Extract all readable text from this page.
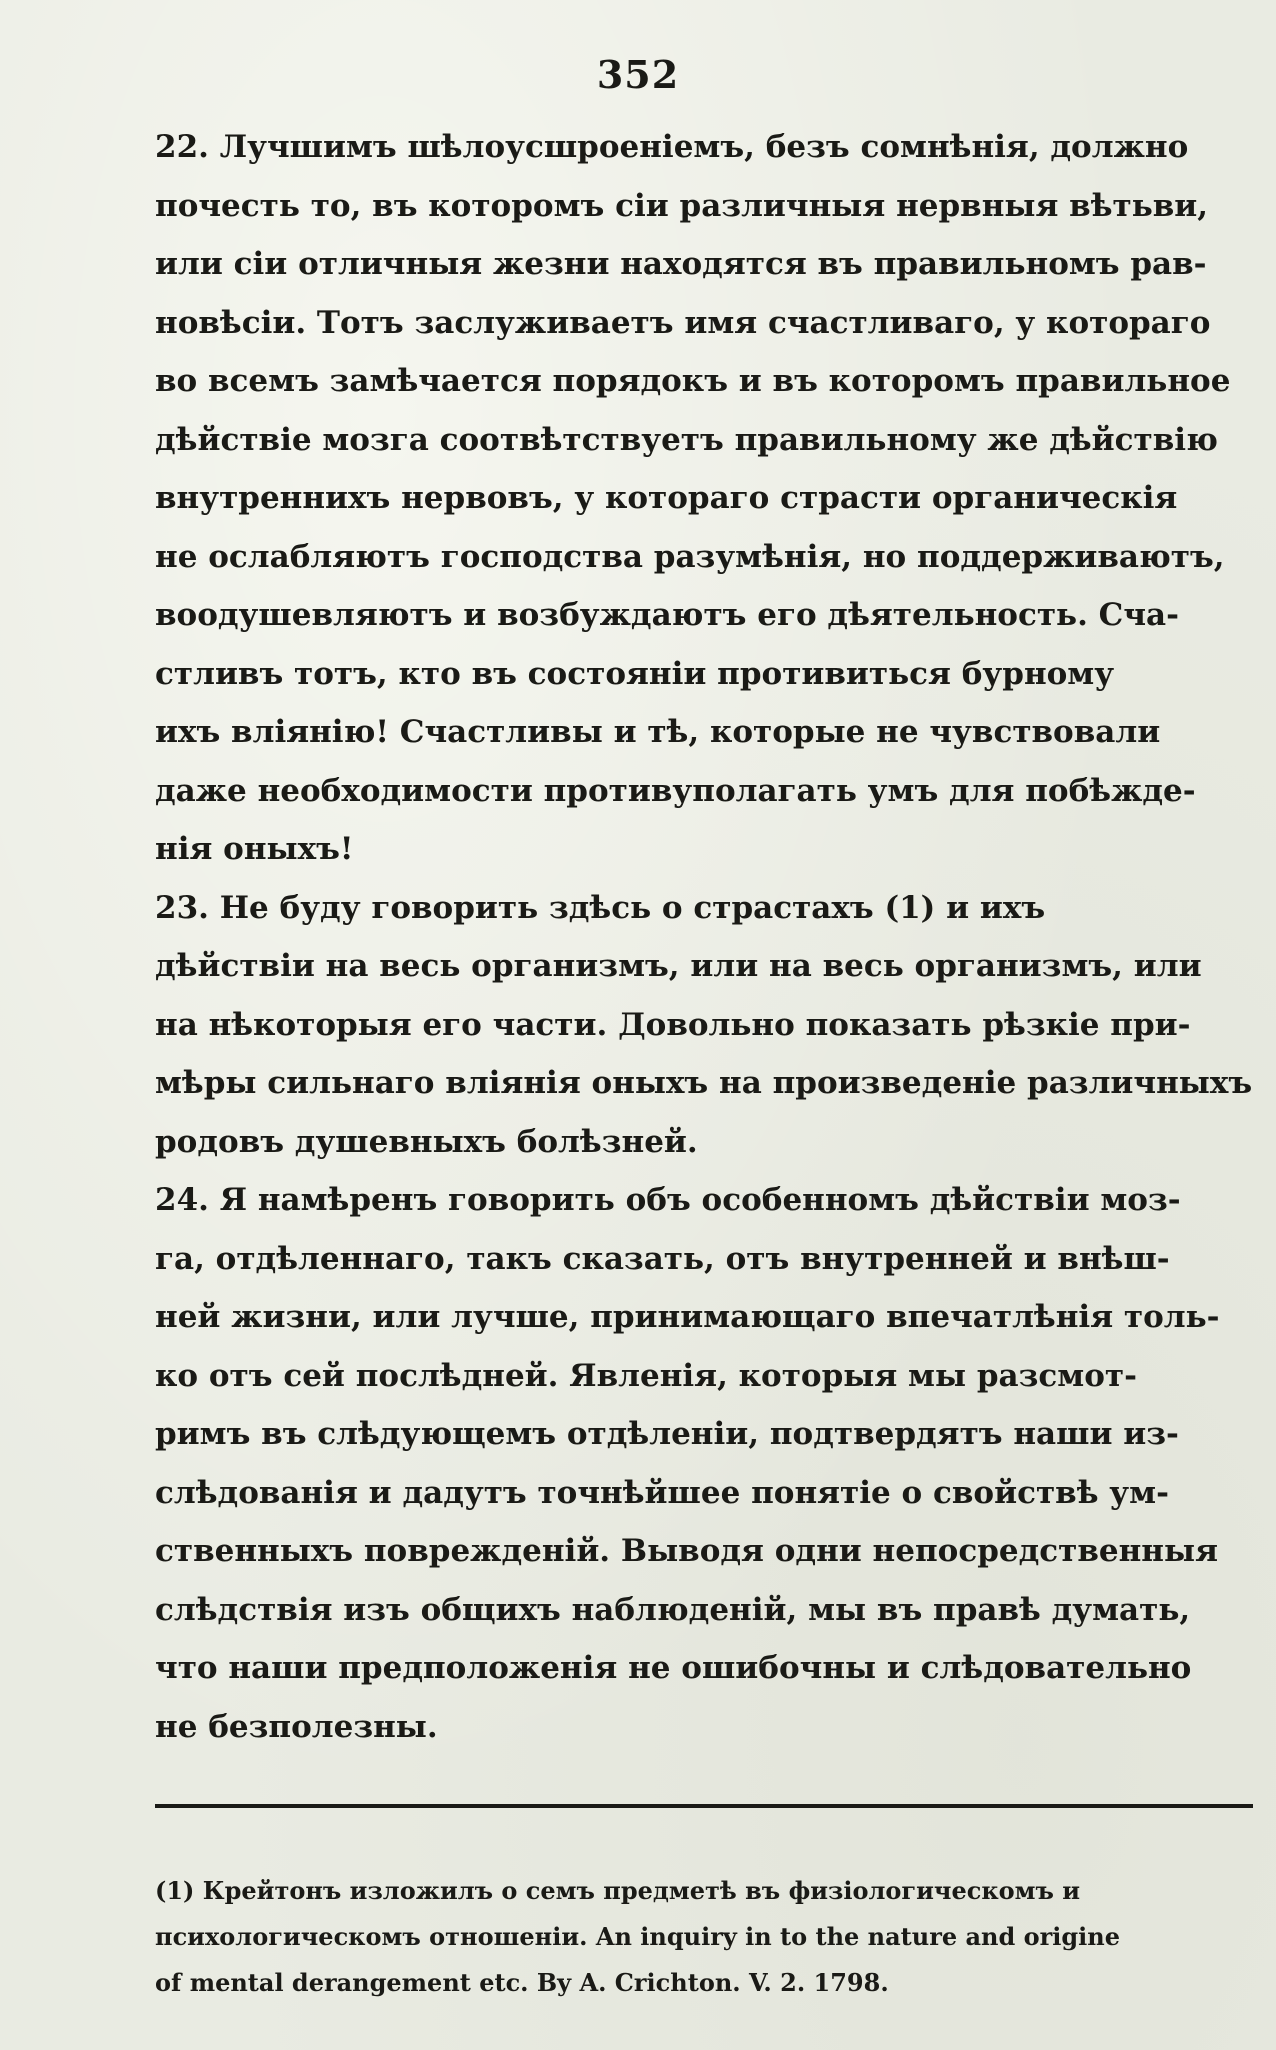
352
22. Лучшимъ шѣлоусшроеніемъ, безъ сомнѣнія, должно
почесть то, въ которомъ сіи различныя нервныя вѣтьви,
или сіи отличныя жезни находятся въ правильномъ рав-
новѣсіи. Тотъ заслуживаетъ имя счастливаго, у котораго
во всемъ замѣчается порядокъ и въ которомъ правильное
дѣйствіе мозга соотвѣтствуетъ правильному же дѣйствію
внутреннихъ нервовъ, у котораго страсти органическія
не ослабляютъ господства разумѣнія, но поддерживаютъ,
воодушевляютъ и возбуждаютъ его дѣятельность. Сча-
стливъ тотъ, кто въ состояніи противиться бурному
ихъ вліянію! Счастливы и тѣ, которые не чувствовали
даже необходимости противуполагать умъ для побѣжде-
нія оныхъ!
23. Не буду говорить здѣсь о страстахъ (1) и ихъ
дѣйствіи на весь организмъ, или на весь организмъ, или
на нѣкоторыя его части. Довольно показать рѣзкіе при-
мѣры сильнаго вліянія оныхъ на произведеніе различныхъ
родовъ душевныхъ болѣзней.
24. Я намѣренъ говорить объ особенномъ дѣйствіи моз-
га, отдѣленнаго, такъ сказать, отъ внутренней и внѣш-
ней жизни, или лучше, принимающаго впечатлѣнія толь-
ко отъ сей послѣдней. Явленія, которыя мы разсмот-
римъ въ слѣдующемъ отдѣленіи, подтвердятъ наши из-
слѣдованія и дадутъ точнѣйшее понятіе о свойствѣ ум-
ственныхъ поврежденій. Выводя одни непосредственныя
слѣдствія изъ общихъ наблюденій, мы въ правѣ думать,
что наши предположенія не ошибочны и слѣдовательно
не безполезны.
(1) Крейтонъ изложилъ о семъ предметѣ въ физіологическомъ и
психологическомъ отношеніи. An inquiry in to the nature and origine
of mental derangement etc. By A. Crichton. V. 2. 1798.
